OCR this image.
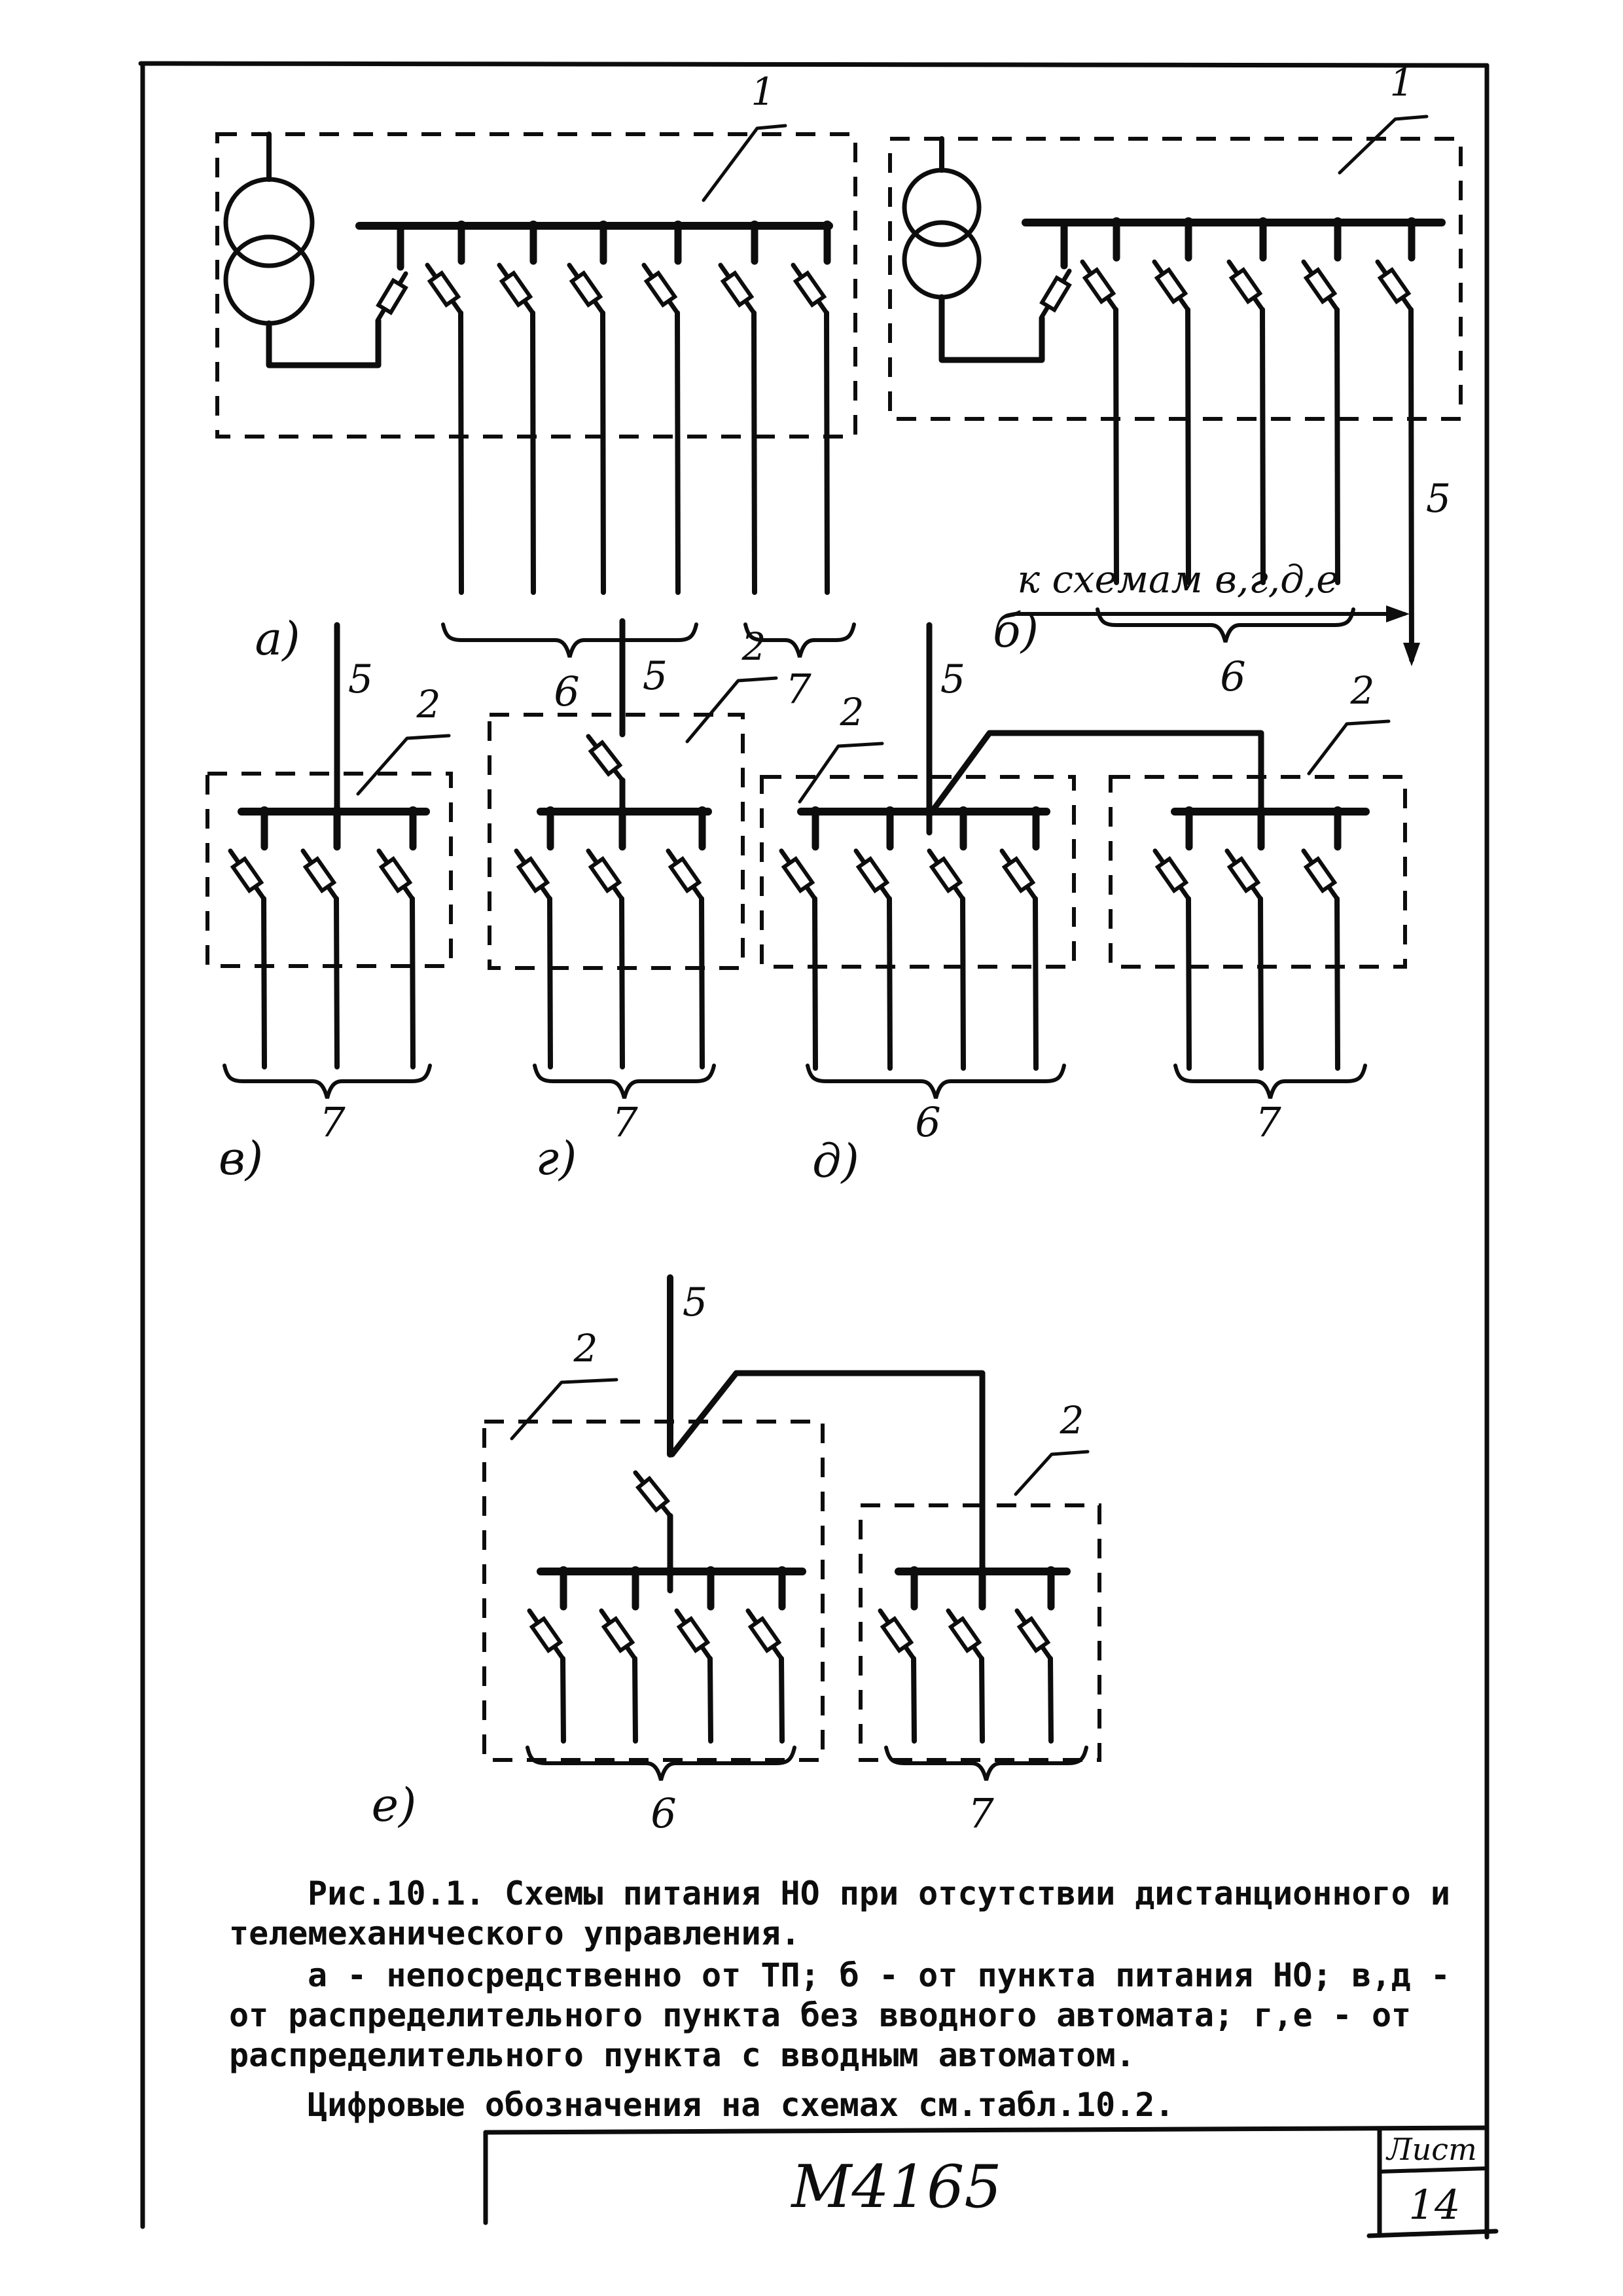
6	7
1
а)
6
1
б)
5
7
2
в)
5
7
2
г)
5
6	7
2	2
д)
5
6	7
2
2
е)
5
к схемам в,г,д,е
Рис.10.1. Схемы питания НО при отсутствии дистанционного и
телемеханического управления.
а - непосредственно от ТП; б - от пункта питания НО; в,д -
от распределительного пункта без вводного автомата; г,е - от
распределительного пункта с вводным автоматом.
Цифровые обозначения на схемах см.табл.10.2.
М4165
Лист
14
